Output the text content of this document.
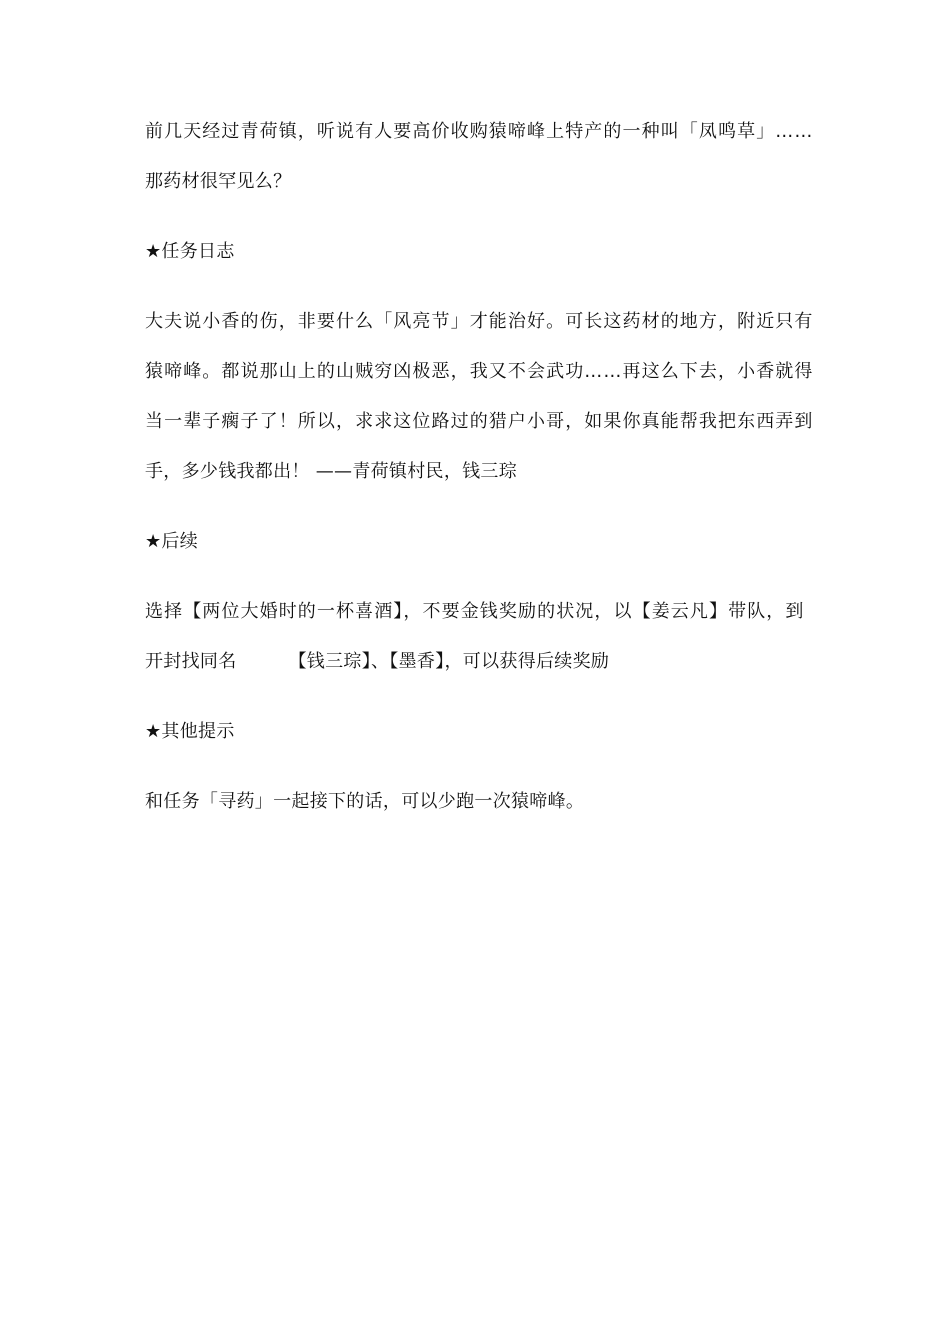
前几天经过青荷镇，听说有人要高价收购猿啼峰上特产的一种叫「凤鸣草」……
那药材很罕见么？
★任务日志
大夫说小香的伤，非要什么「风亮节」才能治好。可长这药材的地方，附近只有
猿啼峰。都说那山上的山贼穷凶极恶，我又不会武功……再这么下去，小香就得
当一辈子瘸子了！所以，求求这位路过的猎户小哥，如果你真能帮我把东西弄到
手，多少钱我都出！ ——青荷镇村民，钱三琮
★后续
选择【两位大婚时的一杯喜酒】，不要金钱奖励的状况，以【姜云凡】带队，到
开封找同名	【钱三琮】、【墨香】，可以获得后续奖励
★其他提示
和任务「寻药」一起接下的话，可以少跑一次猿啼峰。
